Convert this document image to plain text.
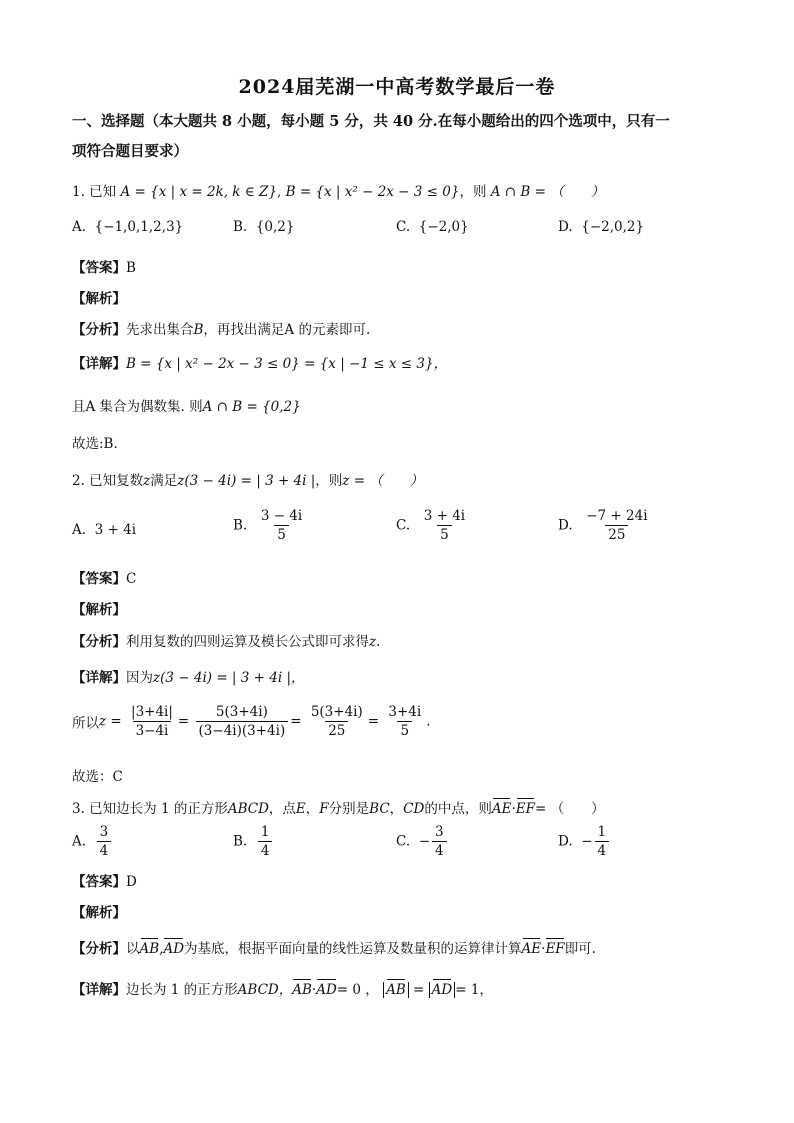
2024届芜湖一中高考数学最后一卷
一、选择题（本大题共 8 小题，每小题 5 分，共 40 分.在每小题给出的四个选项中，只有一
项符合题目要求）
1. 已知 A = {x | x = 2k, k ∈ Z}, B = {x | x² − 2x − 3 ≤ 0}，则 A ∩ B = （　　）
A. {−1,0,1,2,3}	B. {0,2}	C. {−2,0}	D. {−2,0,2}
【答案】B
【解析】
【分析】先求出集合B，再找出满足A 的元素即可.
【详解】B = {x | x² − 2x − 3 ≤ 0} = {x | −1 ≤ x ≤ 3}，
且A 集合为偶数集. 则A ∩ B = {0,2}
故选:B.
2. 已知复数z满足z(3 − 4i) = | 3 + 4i |，则z = （　　）
A. 3 + 4i	B. $\frac{3 - 4i}{5}$	C. $\frac{3 + 4i}{5}$	D. $\frac{-7 + 24i}{25}$
【答案】C
【解析】
【分析】利用复数的四则运算及模长公式即可求得z.
【详解】因为z(3 − 4i) = | 3 + 4i |，
所以$z = \frac{|3+4i|}{3-4i} = \frac{5(3+4i)}{(3-4i)(3+4i)} = \frac{5(3+4i)}{25} = \frac{3+4i}{5}$ .
故选：C
3. 已知边长为 1 的正方形ABCD，点E，F分别是BC，CD的中点，则AE·EF= （　　）
A. $\frac{3}{4}$	B. $\frac{1}{4}$	C. − $\frac{3}{4}$	D. − $\frac{1}{4}$
【答案】D
【解析】
【分析】以AB,AD为基底，根据平面向量的线性运算及数量积的运算律计算AE·EF即可.
【详解】边长为 1 的正方形ABCD，AB·AD= 0 ， AB = AD = 1，
